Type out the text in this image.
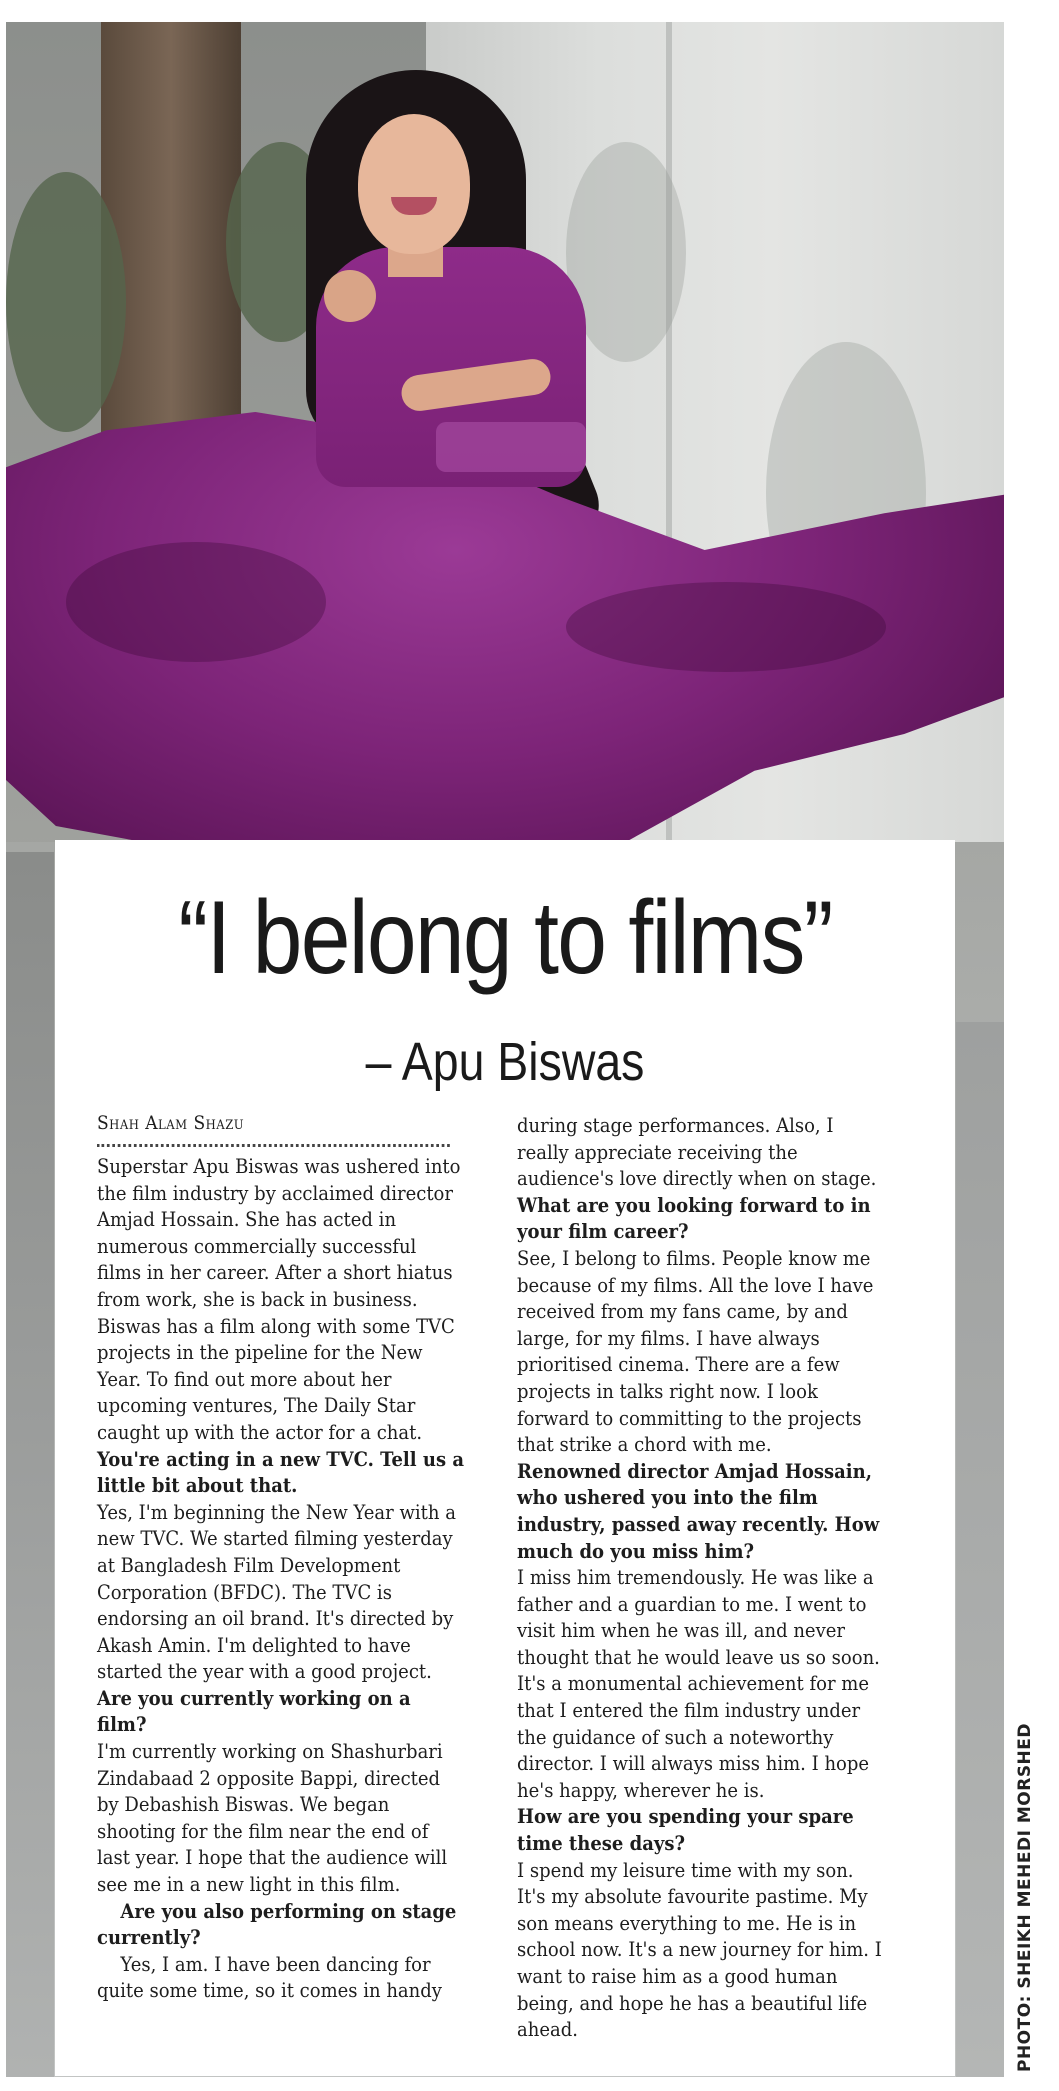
“I belong to films”
– Apu Biswas

Shah Alam Shazu

Superstar Apu Biswas was ushered into the film industry by acclaimed director Amjad Hossain. She has acted in numerous commercially successful films in her career. After a short hiatus from work, she is back in business. Biswas has a film along with some TVC projects in the pipeline for the New Year. To find out more about her upcoming ventures, The Daily Star caught up with the actor for a chat.

You're acting in a new TVC. Tell us a little bit about that.

Yes, I'm beginning the New Year with a new TVC. We started filming yesterday at Bangladesh Film Development Corporation (BFDC). The TVC is endorsing an oil brand. It's directed by Akash Amin. I'm delighted to have started the year with a good project.

Are you currently working on a film?

I'm currently working on Shashurbari Zindabaad 2 opposite Bappi, directed by Debashish Biswas. We began shooting for the film near the end of last year. I hope that the audience will see me in a new light in this film.

Are you also performing on stage currently?

Yes, I am. I have been dancing for quite some time, so it comes in handy

during stage performances. Also, I really appreciate receiving the audience's love directly when on stage.

What are you looking forward to in your film career?

See, I belong to films. People know me because of my films. All the love I have received from my fans came, by and large, for my films. I have always prioritised cinema. There are a few projects in talks right now. I look forward to committing to the projects that strike a chord with me.

Renowned director Amjad Hossain, who ushered you into the film industry, passed away recently. How much do you miss him?

I miss him tremendously. He was like a father and a guardian to me. I went to visit him when he was ill, and never thought that he would leave us so soon. It's a monumental achievement for me that I entered the film industry under the guidance of such a noteworthy director. I will always miss him. I hope he's happy, wherever he is.

How are you spending your spare time these days?

I spend my leisure time with my son. It's my absolute favourite pastime. My son means everything to me. He is in school now. It's a new journey for him. I want to raise him as a good human being, and hope he has a beautiful life ahead.	PHOTO: SHEIKH MEHEDI MORSHED
